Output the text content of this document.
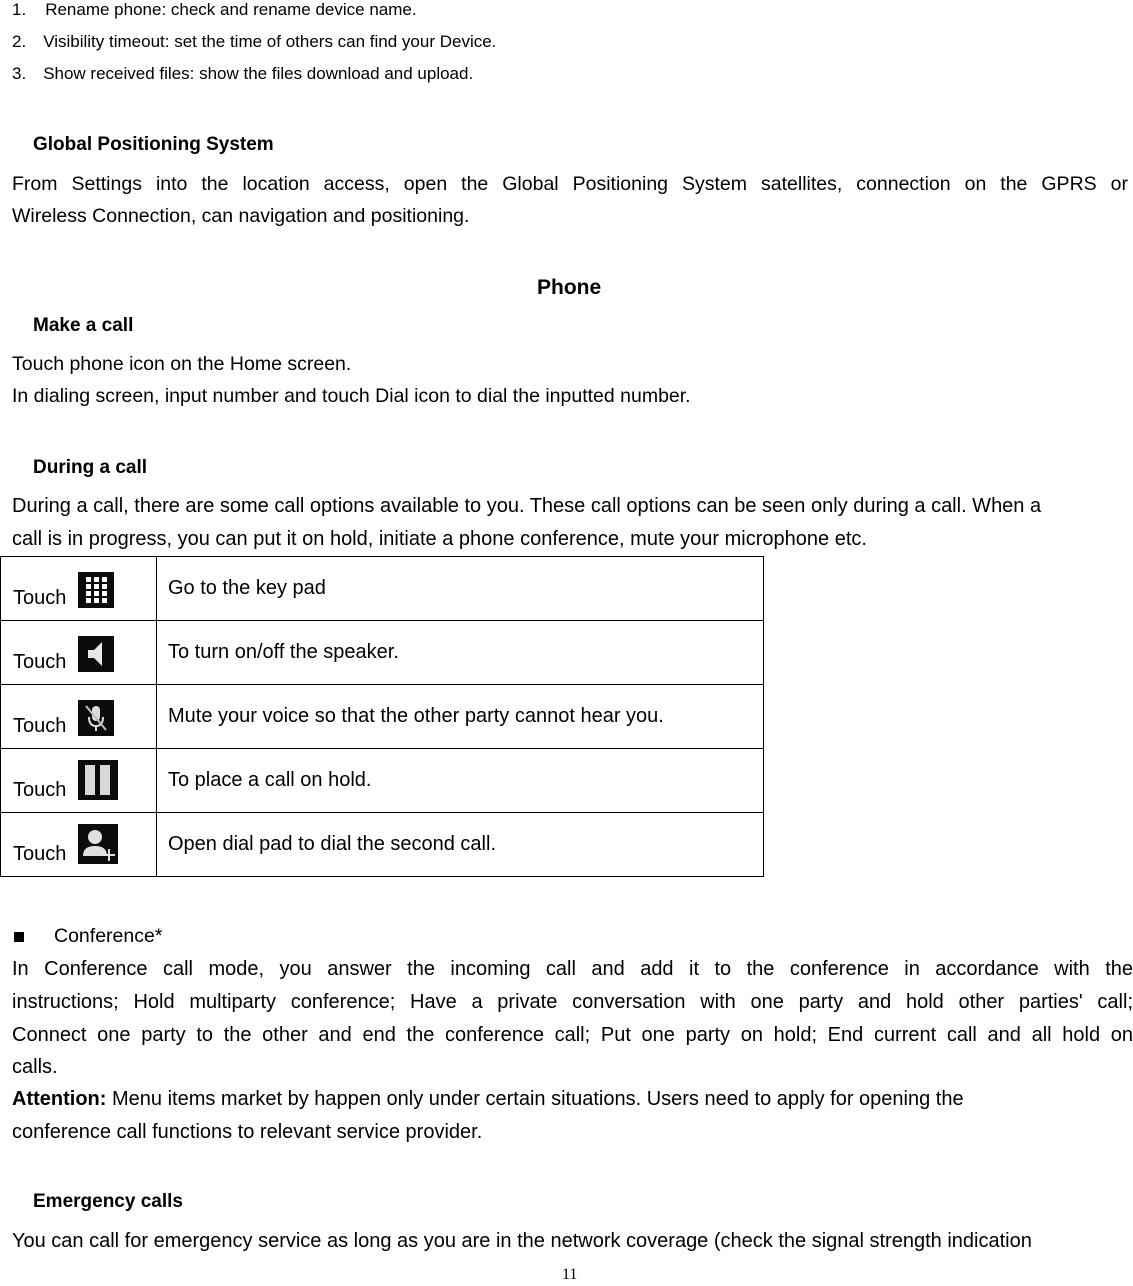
1. Rename phone: check and rename device name.
2. Visibility timeout: set the time of others can find your Device.
3. Show received files: show the files download and upload.
Global Positioning System
From Settings into the location access, open the Global Positioning System satellites, connection on the GPRS or
Wireless Connection, can navigation and positioning.
Phone
Make a call
Touch phone icon on the Home screen.
In dialing screen, input number and touch Dial icon to dial the inputted number.
During a call
During a call, there are some call options available to you. These call options can be seen only during a call. When a
call is in progress, you can put it on hold, initiate a phone conference, mute your microphone etc.
Touch	Go to the key pad

Touch	To turn on/off the speaker.

Touch	Mute your voice so that the other party cannot hear you.

Touch	To place a call on hold.

Touch	Open dial pad to dial the second call.
Conference*
In Conference call mode, you answer the incoming call and add it to the conference in accordance with the
instructions; Hold multiparty conference; Have a private conversation with one party and hold other parties' call;
Connect one party to the other and end the conference call; Put one party on hold; End current call and all hold on
calls.
Attention: Menu items market by happen only under certain situations. Users need to apply for opening the
conference call functions to relevant service provider.
Emergency calls
You can call for emergency service as long as you are in the network coverage (check the signal strength indication
11
